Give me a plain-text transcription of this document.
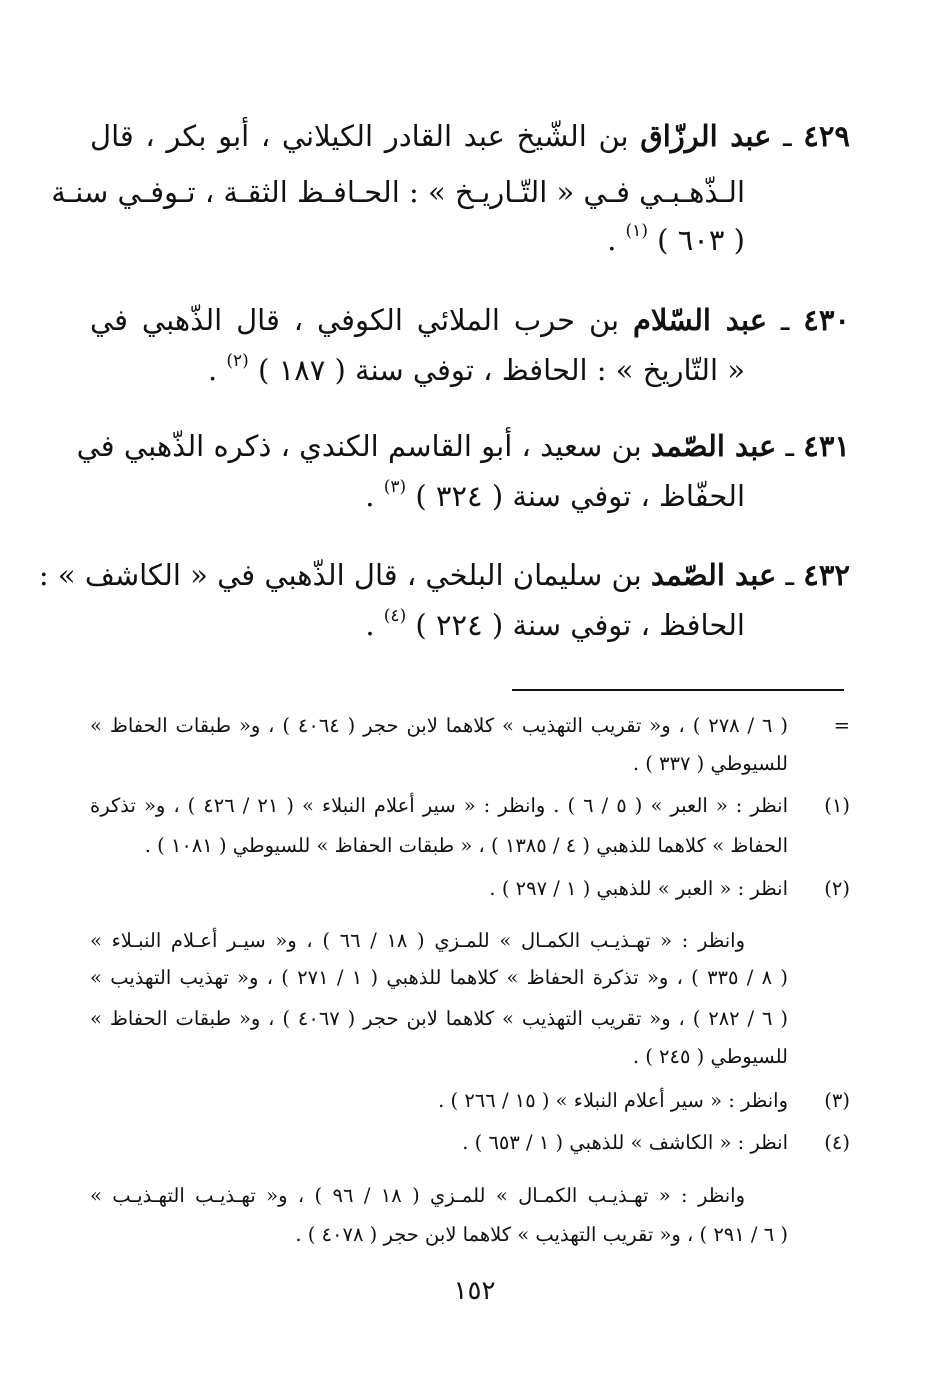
٤٢٩ ـ عبد الرزّاق بن الشّيخ عبد القادر الكيلاني ، أبو بكر ، قال
الـذّهـبـي فـي « التّـاريـخ » : الحـافـظ الثقـة ، تـوفـي سنـة
( ٦٠٣ ) $^{(١)}$ .
٤٣٠ ـ عبد السّلام بن حرب الملائي الكوفي ، قال الذّهبي في
« التّاريخ » : الحافظ ، توفي سنة ( ١٨٧ ) $^{(٢)}$ .
٤٣١ ـ عبد الصّمد بن سعيد ، أبو القاسم الكندي ، ذكره الذّهبي في
الحفّاظ ، توفي سنة ( ٣٢٤ ) $^{(٣)}$ .
٤٣٢ ـ عبد الصّمد بن سليمان البلخي ، قال الذّهبي في « الكاشف » :
الحافظ ، توفي سنة ( ٢٢٤ ) $^{(٤)}$ .
=
( ٦ / ٢٧٨ ) ، و« تقريب التهذيب » كلاهما لابن حجر ( ٤٠٦٤ ) ، و« طبقات الحفاظ »
للسيوطي ( ٣٣٧ ) .
(١)
انظر : « العبر » ( ٥ / ٦ ) . وانظر : « سير أعلام النبلاء » ( ٢١ / ٤٢٦ ) ، و« تذكرة
الحفاظ » كلاهما للذهبي ( ٤ / ١٣٨٥ ) ، « طبقات الحفاظ » للسيوطي ( ١٠٨١ ) .
(٢)
انظر : « العبر » للذهبي ( ١ / ٢٩٧ ) .
وانظر : « تهـذيـب الكمـال » للمـزي ( ١٨ / ٦٦ ) ، و« سيـر أعـلام النبـلاء »
( ٨ / ٣٣٥ ) ، و« تذكرة الحفاظ » كلاهما للذهبي ( ١ / ٢٧١ ) ، و« تهذيب التهذيب »
( ٦ / ٢٨٢ ) ، و« تقريب التهذيب » كلاهما لابن حجر ( ٤٠٦٧ ) ، و« طبقات الحفاظ »
للسيوطي ( ٢٤٥ ) .
(٣)
وانظر : « سير أعلام النبلاء » ( ١٥ / ٢٦٦ ) .
(٤)
انظر : « الكاشف » للذهبي ( ١ / ٦٥٣ ) .
وانظر : « تهـذيـب الكمـال » للمـزي ( ١٨ / ٩٦ ) ، و« تهـذيـب التهـذيـب »
( ٦ / ٢٩١ ) ، و« تقريب التهذيب » كلاهما لابن حجر ( ٤٠٧٨ ) .
١٥٢
